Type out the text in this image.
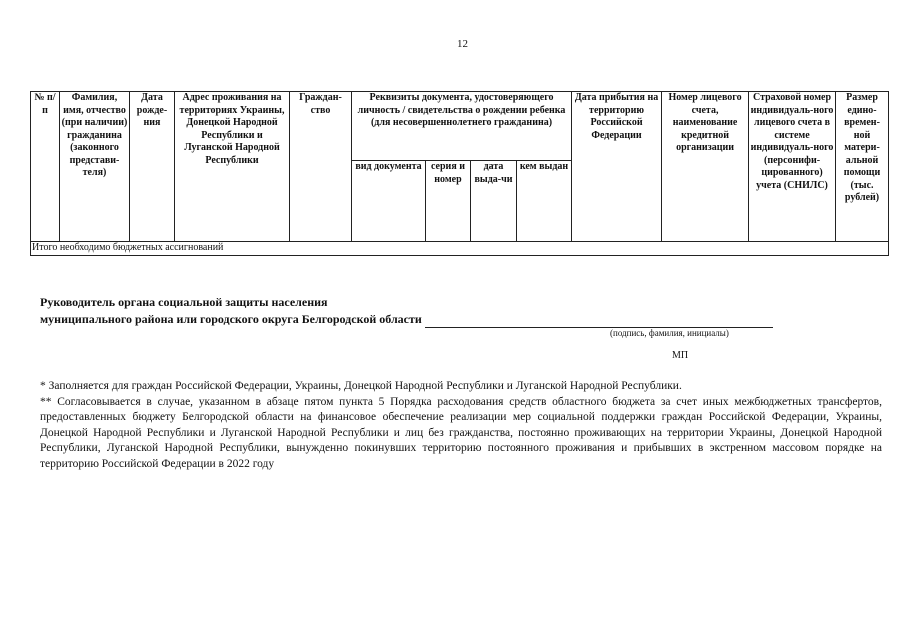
12
№ п/п	Фамилия, имя, отчество (при наличии) гражданина (законного представи-теля)	Дата рожде-ния	Адрес проживания на территориях Украины, Донецкой Народной Республики и Луганской Народной Республики	Граждан-ство	Реквизиты документа, удостоверяющего личность / свидетельства о рождении ребенка (для несовершеннолетнего гражданина)				Дата прибытия на территорию Российской Федерации	Номер лицевого счета, наименование кредитной организации	Страховой номер индивидуаль-ного лицевого счета в системе индивидуаль-ного (персонифи-цированного) учета (СНИЛС)	Размер едино-времен-ной матери-альной помощи (тыс. рублей)
					вид документа	серия и номер	дата выда-чи	кем выдан				
Итого необходимо бюджетных ассигнований												
Руководитель органа социальной защиты населения
муниципального района или городского округа Белгородской области
(подпись, фамилия, инициалы)
МП

* Заполняется для граждан Российской Федерации, Украины, Донецкой Народной Республики и Луганской Народной Республики.

** Согласовывается в случае, указанном в абзаце пятом пункта 5 Порядка расходования средств областного бюджета за счет иных межбюджетных трансфертов, предоставленных бюджету Белгородской области на финансовое обеспечение реализации мер социальной поддержки граждан Российской Федерации, Украины, Донецкой Народной Республики и Луганской Народной Республики и лиц без гражданства, постоянно проживающих на территории Украины, Донецкой Народной Республики, Луганской Народной Республики, вынужденно покинувших территорию постоянного проживания и прибывших в экстренном массовом порядке на территорию Российской Федерации в 2022 году
